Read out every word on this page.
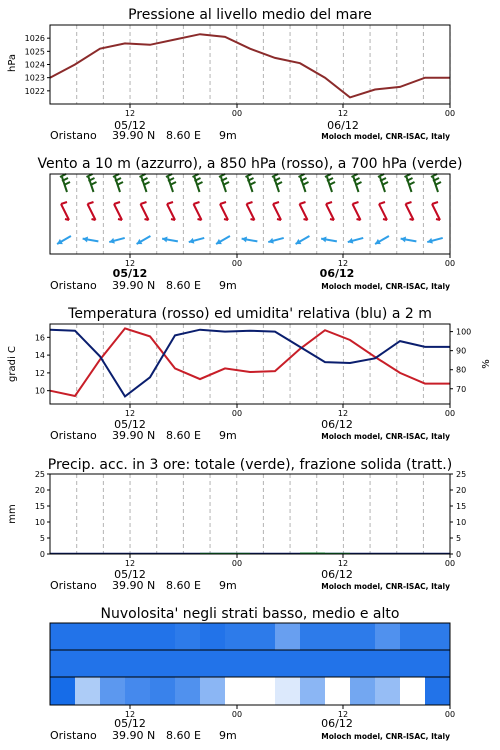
Pressione al livello medio del mare
hPa
1022
1023
1024
1025
1026
12	00	12	00
05/12	06/12
Oristano 39.90 N 8.60 E 9m	Moloch model, CNR-ISAC, Italy
Vento a 10 m (azzurro), a 850 hPa (rosso), a 700 hPa (verde)
12	00	12	00
05/12	06/12
Oristano 39.90 N 8.60 E 9m	Moloch model, CNR-ISAC, Italy
Temperatura (rosso) ed umidita' relativa (blu) a 2 m
gradi C	%
10
12
14
16
70
80
90
100
12	00	12	00
05/12	06/12
Oristano 39.90 N 8.60 E 9m	Moloch model, CNR-ISAC, Italy
Precip. acc. in 3 ore: totale (verde), frazione solida (tratt.)
mm
0
5
10
15
20
25
0
5
10
15
20
25
12	00	12	00
05/12	06/12
Oristano 39.90 N 8.60 E 9m	Moloch model, CNR-ISAC, Italy
Nuvolosita' negli strati basso, medio e alto
12	00	12	00
05/12	06/12
Oristano 39.90 N 8.60 E 9m	Moloch model, CNR-ISAC, Italy
